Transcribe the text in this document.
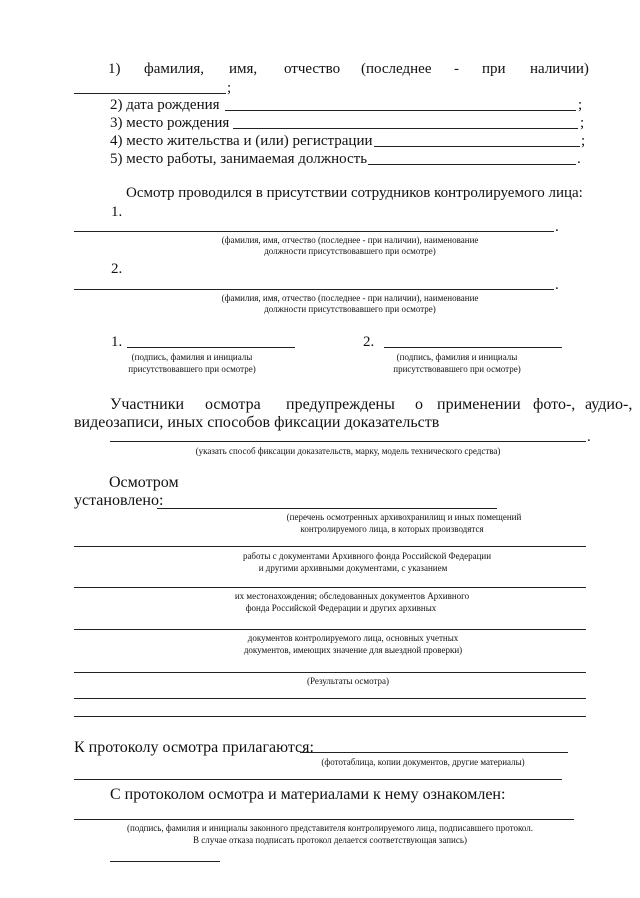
1) фамилия, имя, отчество (последнее - при наличии)
;
2) дата рождения	;
3) место рождения	;
4) место жительства и (или) регистрации	;
5) место работы, занимаемая должность	.
Осмотр проводился в присутствии сотрудников контролируемого лица:
1.
.
(фамилия, имя, отчество (последнее - при наличии), наименование
должности присутствовавшего при осмотре)
2.
.
(фамилия, имя, отчество (последнее - при наличии), наименование
должности присутствовавшего при осмотре)
1.
(подпись, фамилия и инициалы
присутствовавшего при осмотре)
2.
(подпись, фамилия и инициалы
присутствовавшего при осмотре)
Участники осмотра предупреждены о применении фото-, аудио-,
видеозаписи, иных способов фиксации доказательств
.
(указать способ фиксации доказательств, марку, модель технического средства)
Осмотром
установлено:
(перечень осмотренных архивохранилищ и иных помещений
контролируемого лица, в которых производятся
работы с документами Архивного фонда Российской Федерации
и другими архивными документами, с указанием
их местонахождения; обследованных документов Архивного
фонда Российской Федерации и других архивных
документов контролируемого лица, основных учетных
документов, имеющих значение для выездной проверки)
(Результаты осмотра)
К протоколу осмотра прилагаются:
(фототаблица, копии документов, другие материалы)
С протоколом осмотра и материалами к нему ознакомлен:
(подпись, фамилия и инициалы законного представителя контролируемого лица, подписавшего протокол.
В случае отказа подписать протокол делается соответствующая запись)
